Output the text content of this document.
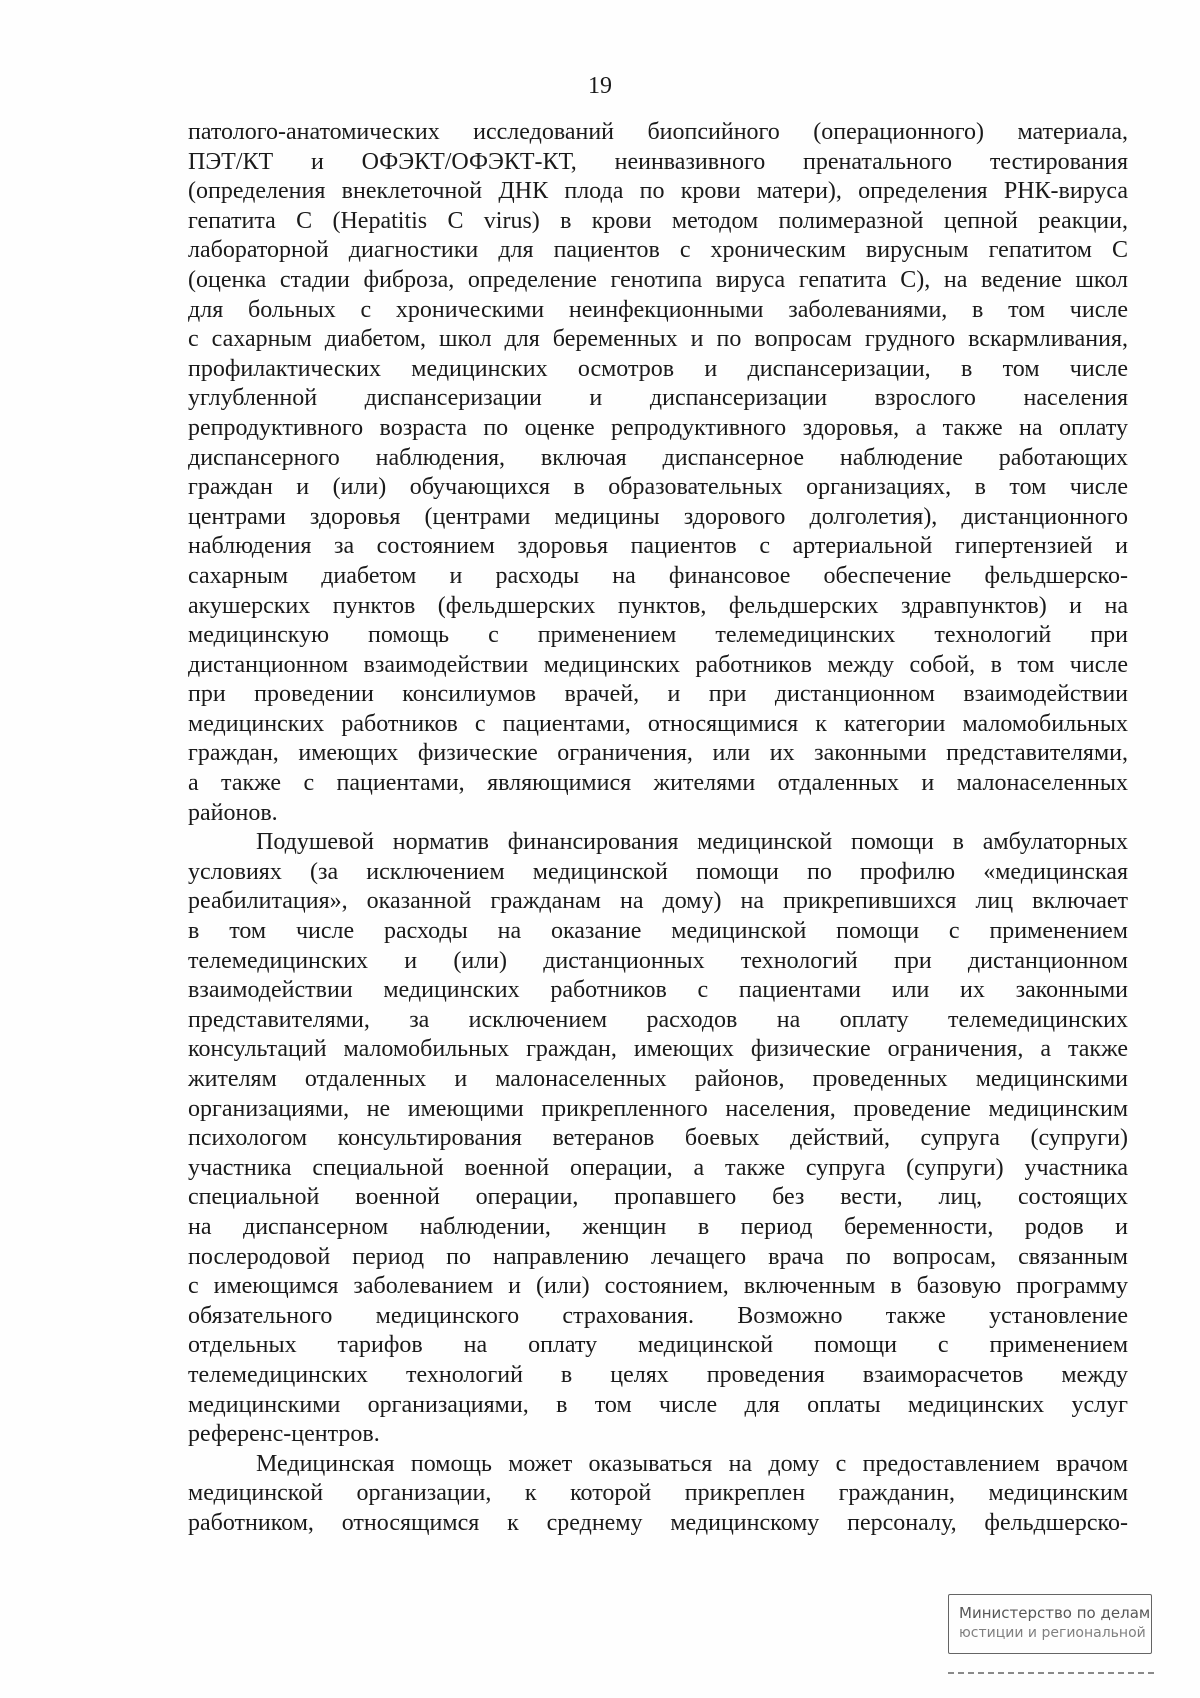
19
патолого-анатомических исследований биопсийного (операционного) материала,
ПЭТ/КТ и ОФЭКТ/ОФЭКТ-КТ, неинвазивного пренатального тестирования
(определения внеклеточной ДНК плода по крови матери), определения РНК-вируса
гепатита С (Hepatitis C virus) в крови методом полимеразной цепной реакции,
лабораторной диагностики для пациентов с хроническим вирусным гепатитом С
(оценка стадии фиброза, определение генотипа вируса гепатита С), на ведение школ
для больных с хроническими неинфекционными заболеваниями, в том числе
с сахарным диабетом, школ для беременных и по вопросам грудного вскармливания,
профилактических медицинских осмотров и диспансеризации, в том числе
углубленной диспансеризации и диспансеризации взрослого населения
репродуктивного возраста по оценке репродуктивного здоровья, а также на оплату
диспансерного наблюдения, включая диспансерное наблюдение работающих
граждан и (или) обучающихся в образовательных организациях, в том числе
центрами здоровья (центрами медицины здорового долголетия), дистанционного
наблюдения за состоянием здоровья пациентов с артериальной гипертензией и
сахарным диабетом и расходы на финансовое обеспечение фельдшерско-
акушерских пунктов (фельдшерских пунктов, фельдшерских здравпунктов) и на
медицинскую помощь с применением телемедицинских технологий при
дистанционном взаимодействии медицинских работников между собой, в том числе
при проведении консилиумов врачей, и при дистанционном взаимодействии
медицинских работников с пациентами, относящимися к категории маломобильных
граждан, имеющих физические ограничения, или их законными представителями,
а также с пациентами, являющимися жителями отдаленных и малонаселенных
районов.
Подушевой норматив финансирования медицинской помощи в амбулаторных
условиях (за исключением медицинской помощи по профилю «медицинская
реабилитация», оказанной гражданам на дому) на прикрепившихся лиц включает
в том числе расходы на оказание медицинской помощи с применением
телемедицинских и (или) дистанционных технологий при дистанционном
взаимодействии медицинских работников с пациентами или их законными
представителями, за исключением расходов на оплату телемедицинских
консультаций маломобильных граждан, имеющих физические ограничения, а также
жителям отдаленных и малонаселенных районов, проведенных медицинскими
организациями, не имеющими прикрепленного населения, проведение медицинским
психологом консультирования ветеранов боевых действий, супруга (супруги)
участника специальной военной операции, а также супруга (супруги) участника
специальной военной операции, пропавшего без вести, лиц, состоящих
на диспансерном наблюдении, женщин в период беременности, родов и
послеродовой период по направлению лечащего врача по вопросам, связанным
с имеющимся заболеванием и (или) состоянием, включенным в базовую программу
обязательного медицинского страхования. Возможно также установление
отдельных тарифов на оплату медицинской помощи с применением
телемедицинских технологий в целях проведения взаиморасчетов между
медицинскими организациями, в том числе для оплаты медицинских услуг
референс-центров.
Медицинская помощь может оказываться на дому с предоставлением врачом
медицинской организации, к которой прикреплен гражданин, медицинским
работником, относящимся к среднему медицинскому персоналу, фельдшерско-
Министерство по делам
юстиции и региональной
